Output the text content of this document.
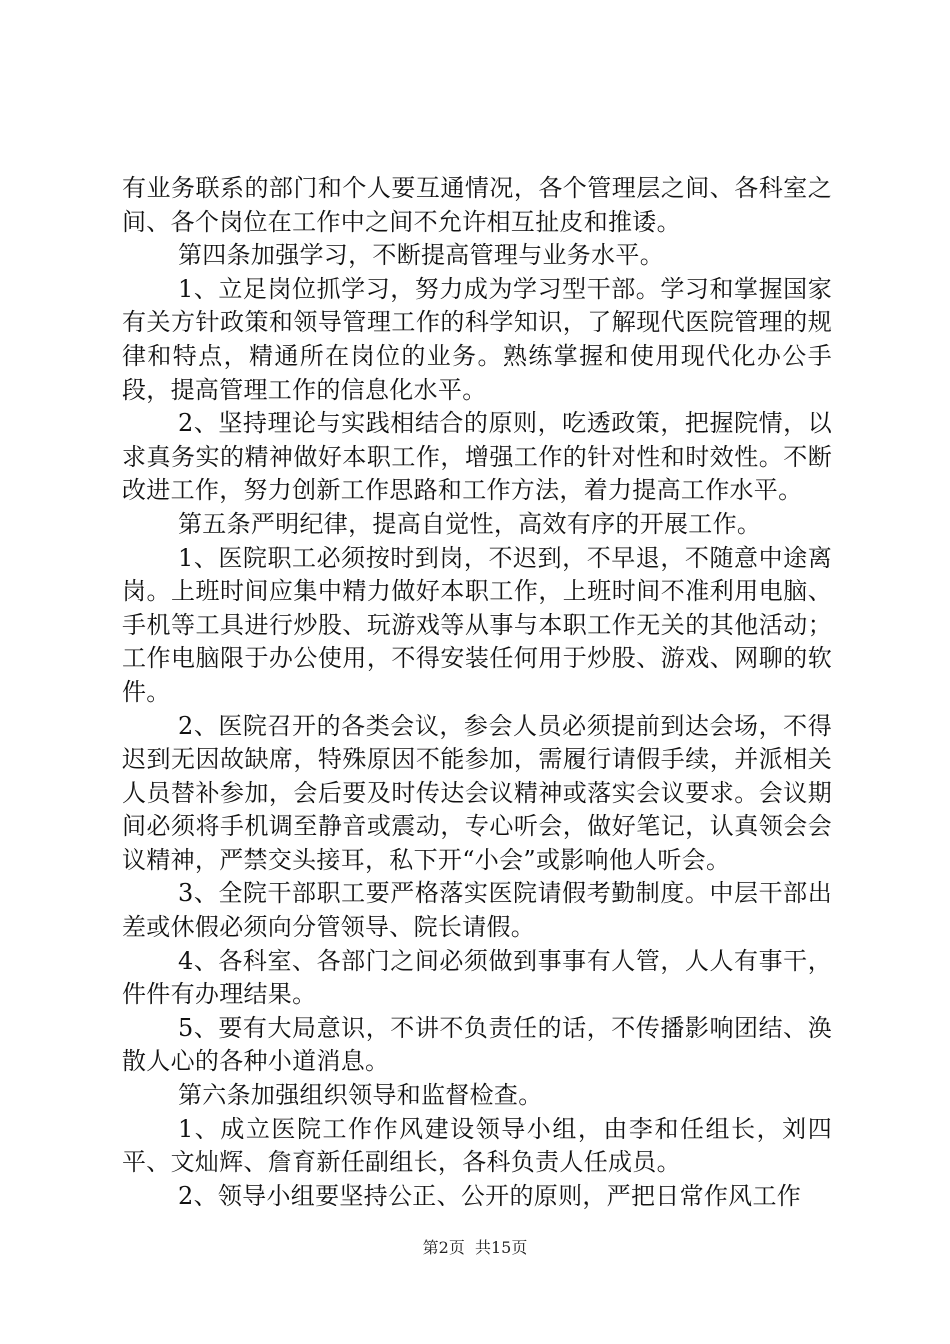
有业务联系的部门和个人要互通情况，各个管理层之间、各科室之间、各个岗位在工作中之间不允许相互扯皮和推诿。

第四条加强学习，不断提高管理与业务水平。

1、立足岗位抓学习，努力成为学习型干部。学习和掌握国家有关方针政策和领导管理工作的科学知识，了解现代医院管理的规律和特点，精通所在岗位的业务。熟练掌握和使用现代化办公手段，提高管理工作的信息化水平。

2、坚持理论与实践相结合的原则，吃透政策，把握院情，以求真务实的精神做好本职工作，增强工作的针对性和时效性。不断改进工作，努力创新工作思路和工作方法，着力提高工作水平。

第五条严明纪律，提高自觉性，高效有序的开展工作。

1、医院职工必须按时到岗，不迟到，不早退，不随意中途离岗。上班时间应集中精力做好本职工作，上班时间不准利用电脑、手机等工具进行炒股、玩游戏等从事与本职工作无关的其他活动；工作电脑限于办公使用，不得安装任何用于炒股、游戏、网聊的软件。

2、医院召开的各类会议，参会人员必须提前到达会场，不得迟到无因故缺席，特殊原因不能参加，需履行请假手续，并派相关人员替补参加，会后要及时传达会议精神或落实会议要求。会议期间必须将手机调至静音或震动，专心听会，做好笔记，认真领会会议精神，严禁交头接耳，私下开“小会”或影响他人听会。

3、全院干部职工要严格落实医院请假考勤制度。中层干部出差或休假必须向分管领导、院长请假。

4、各科室、各部门之间必须做到事事有人管，人人有事干，件件有办理结果。

5、要有大局意识，不讲不负责任的话，不传播影响团结、涣散人心的各种小道消息。

第六条加强组织领导和监督检查。

1、成立医院工作作风建设领导小组，由李和任组长，刘四平、文灿辉、詹育新任副组长，各科负责人任成员。

2、领导小组要坚持公正、公开的原则，严把日常作风工作

第2页  共15页
